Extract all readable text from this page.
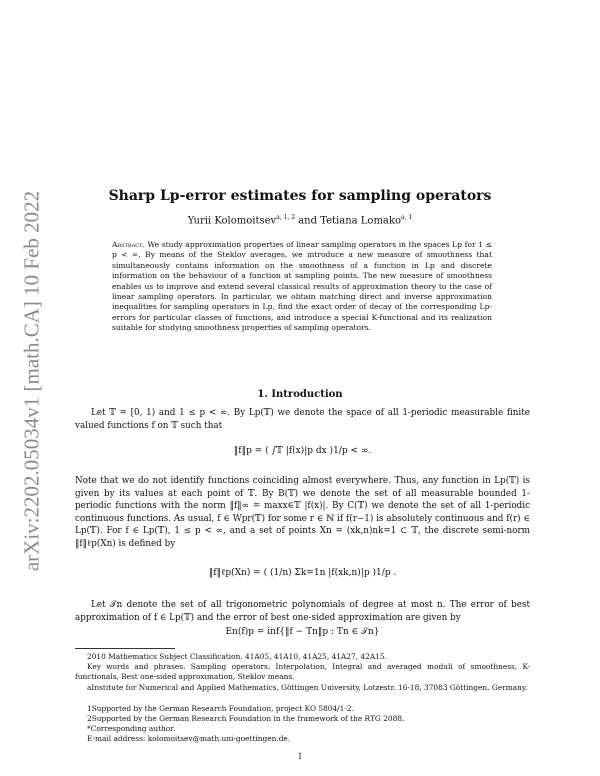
arXiv:2202.05034v1 [math.CA] 10 Feb 2022	Sharp Lp-error estimates for sampling operators
Yurii Kolomoitsev$^{a, 1, 2}$ and Tetiana Lomako$^{a, 1}$
Abstract. We study approximation properties of linear sampling operators in the spaces Lp for 1 ≤ p < ∞. By means of the Steklov averages, we introduce a new measure of smoothness that simultaneously contains information on the smoothness of a function in Lp and discrete information on the behaviour of a function at sampling points. The new measure of smoothness enables us to improve and extend several classical results of approximation theory to the case of linear sampling operators. In particular, we obtain matching direct and inverse approximation inequalities for sampling operators in Lp, find the exact order of decay of the corresponding Lp-errors for particular classes of functions, and introduce a special K-functional and its realization suitable for studying smoothness properties of sampling operators.
1. Introduction
Let 𝕋 = [0, 1) and 1 ≤ p < ∞. By Lp(𝕋) we denote the space of all 1-periodic measurable finite valued functions f on 𝕋 such that
‖f‖p = ( ∫𝕋 |f(x)|p dx )1/p < ∞.
Note that we do not identify functions coinciding almost everywhere. Thus, any function in Lp(𝕋) is given by its values at each point of 𝕋. By B(𝕋) we denote the set of all measurable bounded 1-periodic functions with the norm ‖f‖∞ = maxx∈𝕋 |f(x)|. By C(𝕋) we denote the set of all 1-periodic continuous functions. As usual, f ∈ Wpr(𝕋) for some r ∈ ℕ if f(r−1) is absolutely continuous and f(r) ∈ Lp(𝕋). For f ∈ Lp(𝕋), 1 ≤ p < ∞, and a set of points Xn = (xk,n)nk=1 ⊂ 𝕋, the discrete semi-norm ‖f‖ℓp(Xn) is defined by
‖f‖ℓp(Xn) = ( (1/n) Σk=1n |f(xk,n)|p )1/p .
Let 𝒯n denote the set of all trigonometric polynomials of degree at most n. The error of best approximation of f ∈ Lp(𝕋) and the error of best one-sided approximation are given by
En(f)p = inf{‖f − Tn‖p : Tn ∈ 𝒯n}
2010 Mathematics Subject Classification. 41A05, 41A10, 41A25, 41A27, 42A15.
Key words and phrases. Sampling operators, Interpolation, Integral and averaged moduli of smoothness, K-functionals, Best one-sided approximation, Steklov means.
aInstitute for Numerical and Applied Mathematics, Göttingen University, Lotzestr. 16-18, 37083 Göttingen, Germany.
1Supported by the German Research Foundation, project KO 5804/1-2.
2Supported by the German Research Foundation in the framework of the RTG 2088.
*Corresponding author.
E-mail address: kolomoitsev@math.uni-goettingen.de.
1
